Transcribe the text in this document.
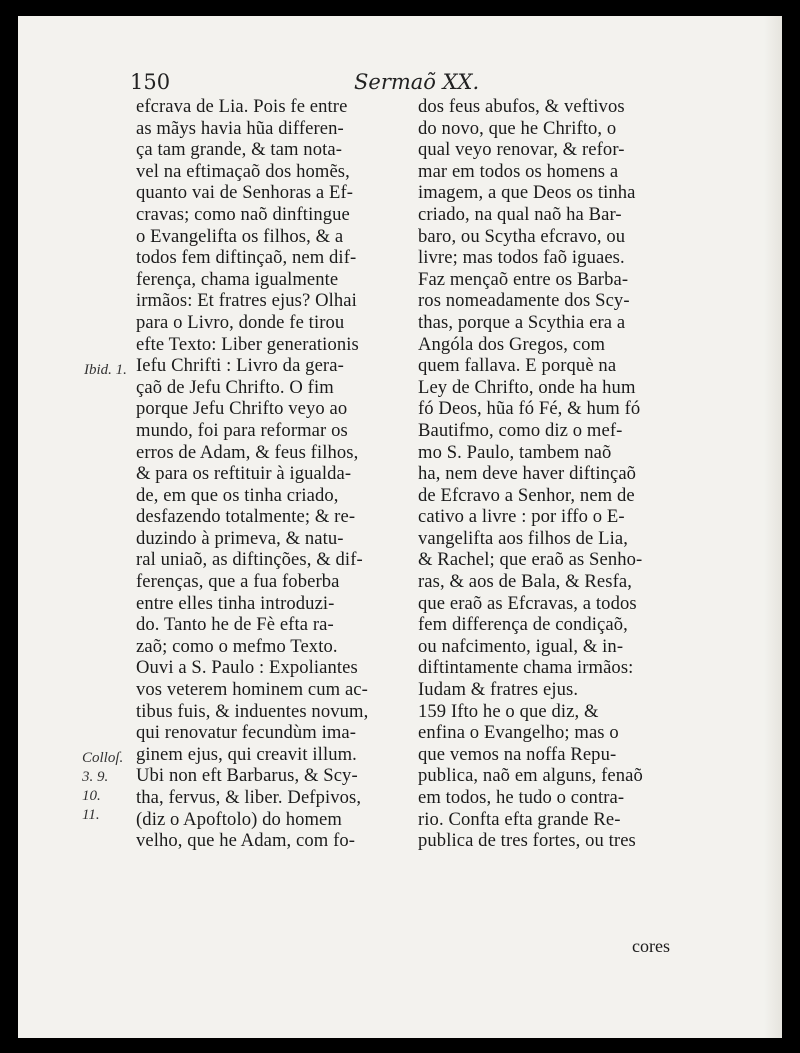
150	Sermaõ XX.
Ibid. 1.
Colloſ.
3. 9.
10.
11.
efcrava de Lia. Pois fe entre
as mãys havia hũa differen-
ça tam grande, & tam nota-
vel na eftimaçaõ dos homẽs,
quanto vai de Senhoras a Ef-
cravas; como naõ dinftingue
o Evangelifta os filhos, & a
todos fem diftinçaõ, nem dif-
ferença, chama igualmente
irmãos: Et fratres ejus? Olhai
para o Livro, donde fe tirou
efte Texto: Liber generationis
Iefu Chrifti : Livro da gera-
çaõ de Jefu Chrifto. O fim
porque Jefu Chrifto veyo ao
mundo, foi para reformar os
erros de Adam, & feus filhos,
& para os reftituir à igualda-
de, em que os tinha criado,
desfazendo totalmente; & re-
duzindo à primeva, & natu-
ral uniaõ, as diftinções, & dif-
ferenças, que a fua foberba
entre elles tinha introduzi-
do. Tanto he de Fè efta ra-
zaõ; como o mefmo Texto.
Ouvi a S. Paulo : Expoliantes
vos veterem hominem cum ac-
tibus fuis, & induentes novum,
qui renovatur fecundùm ima-
ginem ejus, qui creavit illum.
Ubi non eft Barbarus, & Scy-
tha, fervus, & liber. Defpivos,
(diz o Apoftolo) do homem
velho, que he Adam, com fo-
dos feus abufos, & veftivos
do novo, que he Chrifto, o
qual veyo renovar, & refor-
mar em todos os homens a
imagem, a que Deos os tinha
criado, na qual naõ ha Bar-
baro, ou Scytha efcravo, ou
livre; mas todos faõ iguaes.
Faz mençaõ entre os Barba-
ros nomeadamente dos Scy-
thas, porque a Scythia era a
Angóla dos Gregos, com
quem fallava. E porquè na
Ley de Chrifto, onde ha hum
fó Deos, hũa fó Fé, & hum fó
Bautifmo, como diz o mef-
mo S. Paulo, tambem naõ
ha, nem deve haver diftinçaõ
de Efcravo a Senhor, nem de
cativo a livre : por iffo o E-
vangelifta aos filhos de Lia,
& Rachel; que eraõ as Senho-
ras, & aos de Bala, & Resfa,
que eraõ as Efcravas, a todos
fem differença de condiçaõ,
ou nafcimento, igual, & in-
diftintamente chama irmãos:
Iudam & fratres ejus.
159 Ifto he o que diz, &
enfina o Evangelho; mas o
que vemos na noffa Repu-
publica, naõ em alguns, fenaõ
em todos, he tudo o contra-
rio. Confta efta grande Re-
publica de tres fortes, ou tres
cores
